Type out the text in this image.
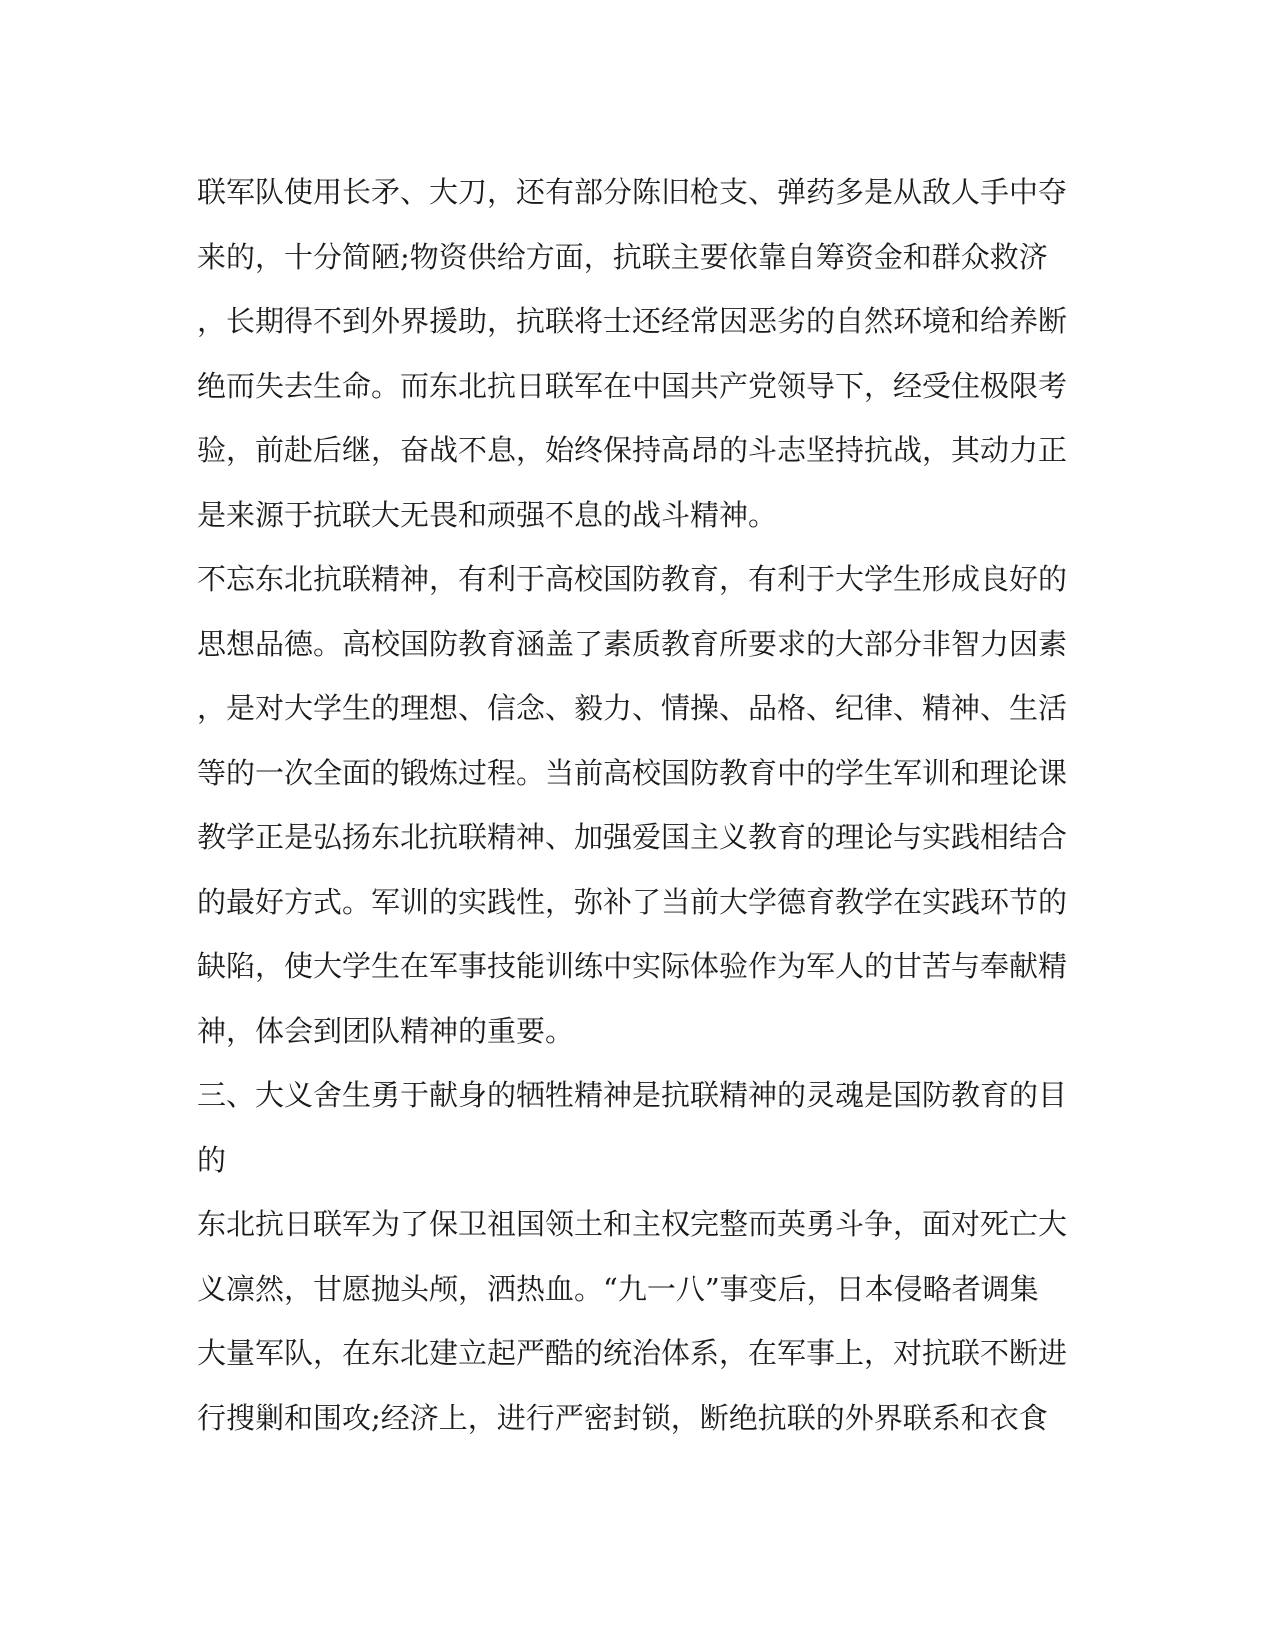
联军队使用长矛、大刀，还有部分陈旧枪支、弹药多是从敌人手中夺
来的，十分简陋;物资供给方面，抗联主要依靠自筹资金和群众救济
，长期得不到外界援助，抗联将士还经常因恶劣的自然环境和给养断
绝而失去生命。而东北抗日联军在中国共产党领导下，经受住极限考
验，前赴后继，奋战不息，始终保持高昂的斗志坚持抗战，其动力正
是来源于抗联大无畏和顽强不息的战斗精神。
不忘东北抗联精神，有利于高校国防教育，有利于大学生形成良好的
思想品德。高校国防教育涵盖了素质教育所要求的大部分非智力因素
，是对大学生的理想、信念、毅力、情操、品格、纪律、精神、生活
等的一次全面的锻炼过程。当前高校国防教育中的学生军训和理论课
教学正是弘扬东北抗联精神、加强爱国主义教育的理论与实践相结合
的最好方式。军训的实践性，弥补了当前大学德育教学在实践环节的
缺陷，使大学生在军事技能训练中实际体验作为军人的甘苦与奉献精
神，体会到团队精神的重要。
三、大义舍生勇于献身的牺牲精神是抗联精神的灵魂是国防教育的目
的
东北抗日联军为了保卫祖国领土和主权完整而英勇斗争，面对死亡大
义凛然，甘愿抛头颅，洒热血。“九一八”事变后，日本侵略者调集
大量军队，在东北建立起严酷的统治体系，在军事上，对抗联不断进
行搜剿和围攻;经济上，进行严密封锁，断绝抗联的外界联系和衣食
